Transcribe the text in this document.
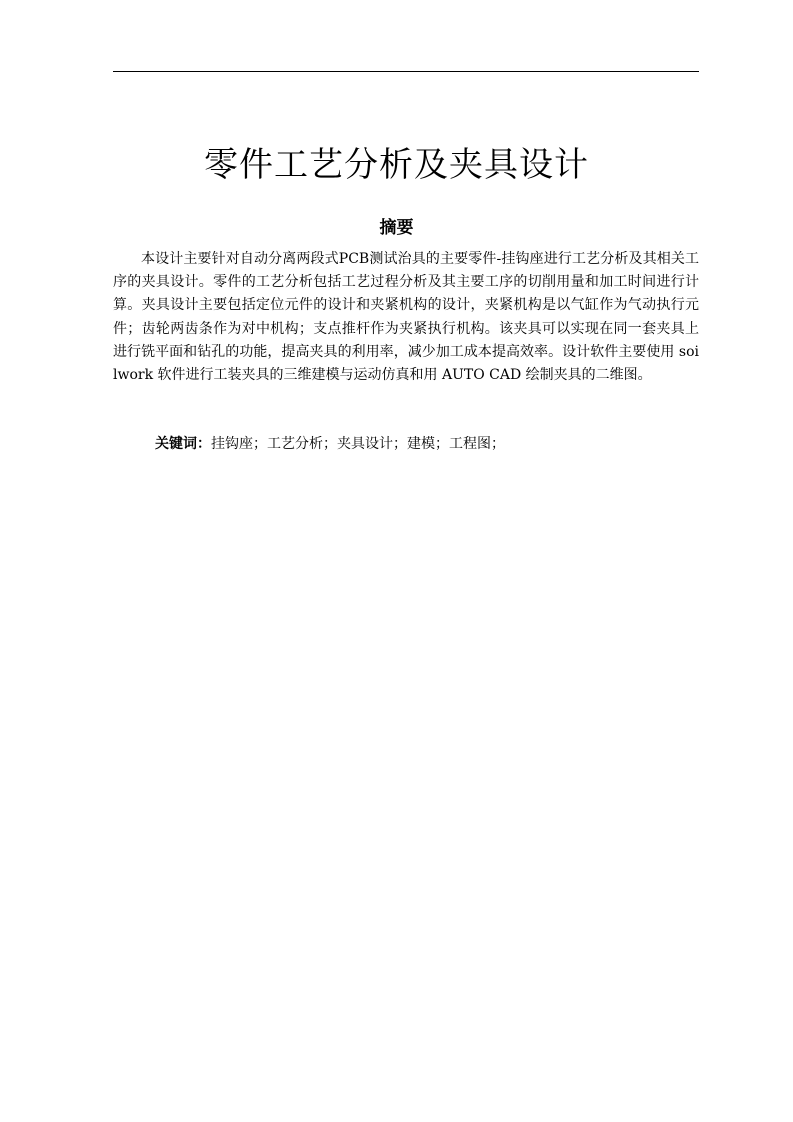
零件工艺分析及夹具设计
摘要

本设计主要针对自动分离两段式PCB测试治具的主要零件-挂钩座进行工艺分析及其相关工序的夹具设计。零件的工艺分析包括工艺过程分析及其主要工序的切削用量和加工时间进行计算。夹具设计主要包括定位元件的设计和夹紧机构的设计，夹紧机构是以气缸作为气动执行元件；齿轮两齿条作为对中机构；支点推杆作为夹紧执行机构。该夹具可以实现在同一套夹具上进行铣平面和钻孔的功能，提高夹具的利用率，减少加工成本提高效率。设计软件主要使用 soilwork 软件进行工装夹具的三维建模与运动仿真和用 AUTO CAD 绘制夹具的二维图。

关键词：挂钩座；工艺分析；夹具设计；建模；工程图；
